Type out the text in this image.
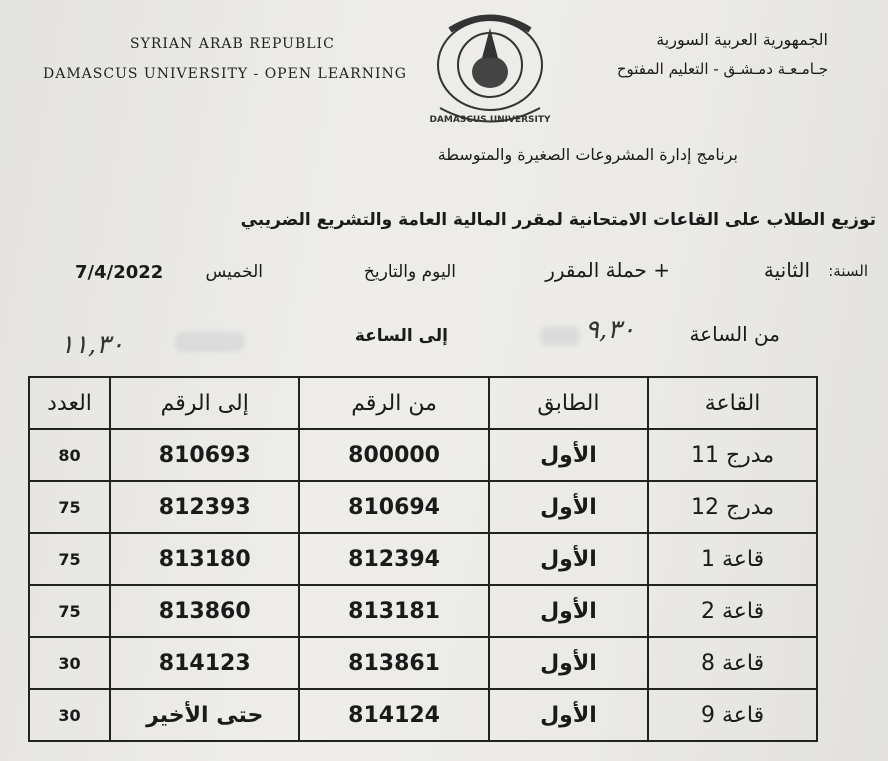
SYRIAN ARAB REPUBLIC
DAMASCUS UNIVERSITY - OPEN LEARNING
الجمهورية العربية السورية
جـامـعـة دمـشـق - التعليم المفتوح
DAMASCUS UNIVERSITY
برنامج إدارة المشروعات الصغيرة والمتوسطة
توزيع الطلاب على القاعات الامتحانية لمقرر المالية العامة والتشريع الضريبي
السنة:
الثانية
+ حملة المقرر
اليوم والتاريخ
الخميس
7/4/2022
من الساعة
٩,٣٠
إلى الساعة
١١,٣٠
القاعة	الطابق	من الرقم	إلى الرقم	العدد
مدرج 11	الأول	800000	810693	80
مدرج 12	الأول	810694	812393	75
قاعة 1	الأول	812394	813180	75
قاعة 2	الأول	813181	813860	75
قاعة 8	الأول	813861	814123	30
قاعة 9	الأول	814124	حتى الأخير	30
